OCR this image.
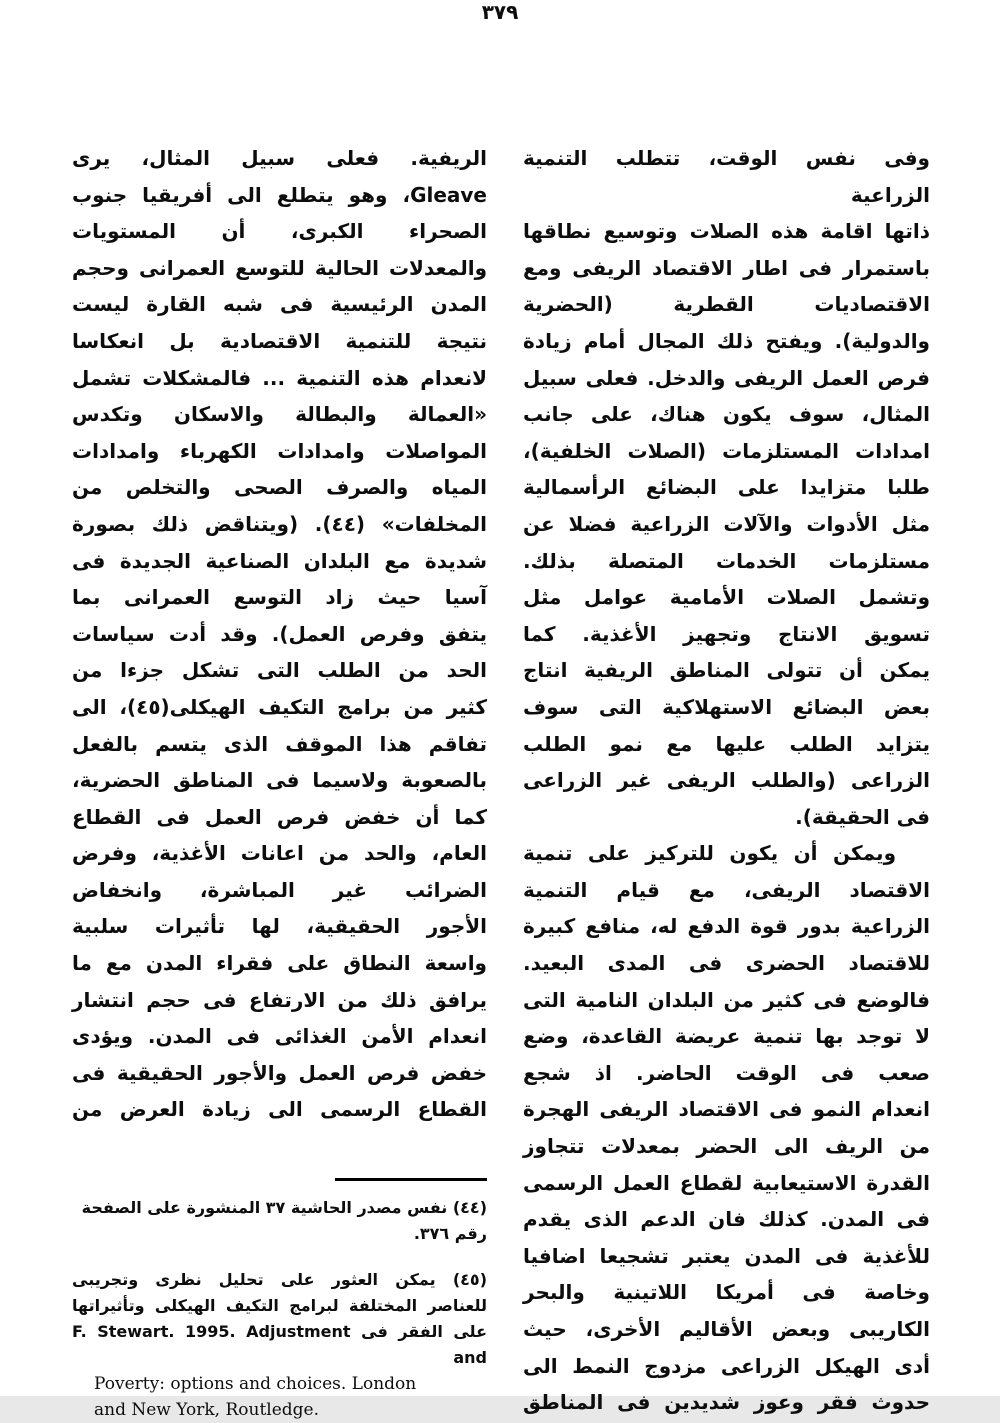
٣٧٩
وفى نفس الوقت، تتطلب التنمية الزراعية
ذاتها اقامة هذه الصلات وتوسيع نطاقها
باستمرار فى اطار الاقتصاد الريفى ومع
الاقتصاديات القطرية (الحضرية
والدولية). ويفتح ذلك المجال أمام زيادة
فرص العمل الريفى والدخل. فعلى سبيل
المثال، سوف يكون هناك، على جانب
امدادات المستلزمات (الصلات الخلفية)،
طلبا متزايدا على البضائع الرأسمالية
مثل الأدوات والآلات الزراعية فضلا عن
مستلزمات الخدمات المتصلة بذلك.
وتشمل الصلات الأمامية عوامل مثل
تسويق الانتاج وتجهيز الأغذية. كما
يمكن أن تتولى المناطق الريفية انتاج
بعض البضائع الاستهلاكية التى سوف
يتزايد الطلب عليها مع نمو الطلب
الزراعى (والطلب الريفى غير الزراعى
فى الحقيقة).
ويمكن أن يكون للتركيز على تنمية
الاقتصاد الريفى، مع قيام التنمية
الزراعية بدور قوة الدفع له، منافع كبيرة
للاقتصاد الحضرى فى المدى البعيد.
فالوضع فى كثير من البلدان النامية التى
لا توجد بها تنمية عريضة القاعدة، وضع
صعب فى الوقت الحاضر. اذ شجع
انعدام النمو فى الاقتصاد الريفى الهجرة
من الريف الى الحضر بمعدلات تتجاوز
القدرة الاستيعابية لقطاع العمل الرسمى
فى المدن. كذلك فان الدعم الذى يقدم
للأغذية فى المدن يعتبر تشجيعا اضافيا
وخاصة فى أمريكا اللاتينية والبحر
الكاريبى وبعض الأقاليم الأخرى، حيث
أدى الهيكل الزراعى مزدوج النمط الى
حدوث فقر وعوز شديدين فى المناطق
الريفية. فعلى سبيل المثال، يرى
Gleave، وهو يتطلع الى أفريقيا جنوب
الصحراء الكبرى، أن المستويات
والمعدلات الحالية للتوسع العمرانى وحجم
المدن الرئيسية فى شبه القارة ليست
نتيجة للتنمية الاقتصادية بل انعكاسا
لانعدام هذه التنمية ... فالمشكلات تشمل
«العمالة والبطالة والاسكان وتكدس
المواصلات وامدادات الكهرباء وامدادات
المياه والصرف الصحى والتخلص من
المخلفات» (٤٤). (ويتناقض ذلك بصورة
شديدة مع البلدان الصناعية الجديدة فى
آسيا حيث زاد التوسع العمرانى بما
يتفق وفرص العمل). وقد أدت سياسات
الحد من الطلب التى تشكل جزءا من
كثير من برامج التكيف الهيكلى(٤٥)، الى
تفاقم هذا الموقف الذى يتسم بالفعل
بالصعوبة ولاسيما فى المناطق الحضرية،
كما أن خفض فرص العمل فى القطاع
العام، والحد من اعانات الأغذية، وفرض
الضرائب غير المباشرة، وانخفاض
الأجور الحقيقية، لها تأثيرات سلبية
واسعة النطاق على فقراء المدن مع ما
يرافق ذلك من الارتفاع فى حجم انتشار
انعدام الأمن الغذائى فى المدن. ويؤدى
خفض فرص العمل والأجور الحقيقية فى
القطاع الرسمى الى زيادة العرض من
(٤٤) نفس مصدر الحاشية ٣٧ المنشورة على الصفحة
رقم ٣٧٦.
(٤٥) يمكن العثور على تحليل نظرى وتجريبى
للعناصر المختلفة لبرامج التكيف الهيكلى وتأثيراتها
على الفقر فى F. Stewart. 1995. Adjustment and
Poverty: options and choices. London
and New York, Routledge.
